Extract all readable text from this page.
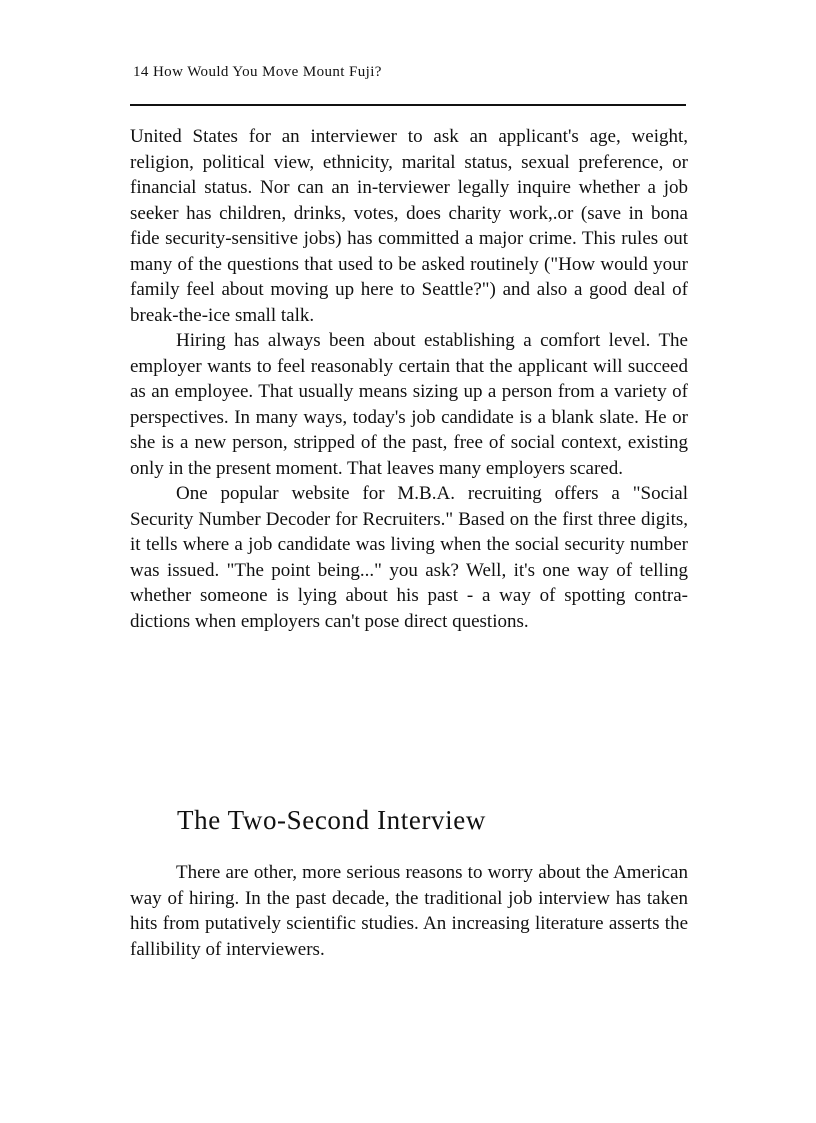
14 How Would You Move Mount Fuji?

United States for an interviewer to ask an applicant's age, weight, religion, political view, ethnicity, marital status, sexual preference, or financial status. Nor can an in-terviewer legally inquire whether a job seeker has children, drinks, votes, does charity work,.or (save in bona fide security-sensitive jobs) has committed a major crime. This rules out many of the questions that used to be asked routinely ("How would your family feel about moving up here to Seattle?") and also a good deal of break-the-ice small talk.

Hiring has always been about establishing a comfort level. The employer wants to feel reasonably certain that the applicant will succeed as an employee. That usually means sizing up a person from a variety of perspectives. In many ways, today's job candidate is a blank slate. He or she is a new person, stripped of the past, free of social context, existing only in the present moment. That leaves many employers scared.

One popular website for M.B.A. recruiting offers a "Social Security Number Decoder for Recruiters." Based on the first three digits, it tells where a job candidate was living when the social security number was issued. "The point being..." you ask? Well, it's one way of telling whether someone is lying about his past - a way of spotting contra-dictions when employers can't pose direct questions.

The Two-Second Interview

There are other, more serious reasons to worry about the American way of hiring. In the past decade, the traditional job interview has taken hits from putatively scientific studies. An increasing literature asserts the fallibility of interviewers.
